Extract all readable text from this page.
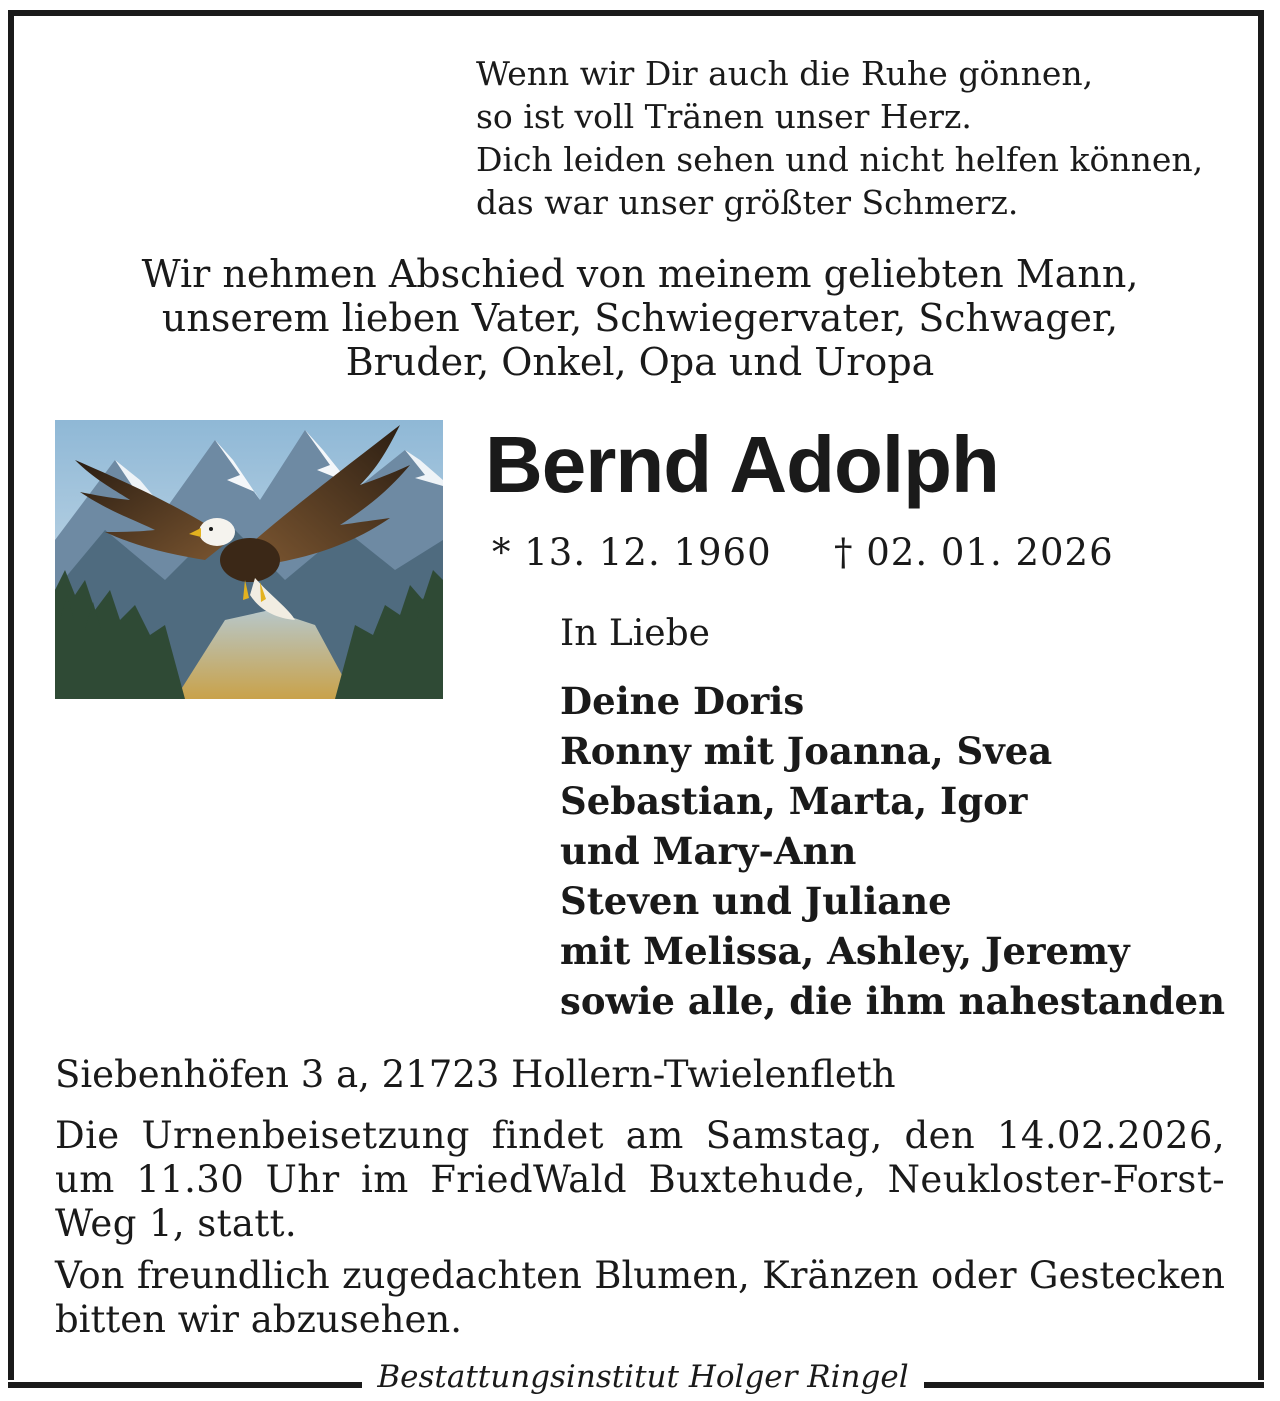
Wenn wir Dir auch die Ruhe gönnen,
so ist voll Tränen unser Herz.
Dich leiden sehen und nicht helfen können,
das war unser größter Schmerz.
Wir nehmen Abschied von meinem geliebten Mann,
unserem lieben Vater, Schwiegervater, Schwager,
Bruder, Onkel, Opa und Uropa
Bernd Adolph
* 13. 12. 1960 † 02. 01. 2026
In Liebe
Deine Doris
Ronny mit Joanna, Svea
Sebastian, Marta, Igor
und Mary-Ann
Steven und Juliane
mit Melissa, Ashley, Jeremy
sowie alle, die ihm nahestanden
Siebenhöfen 3 a, 21723 Hollern-Twielenfleth
Die Urnenbeisetzung findet am Samstag, den 14.02.2026,
um 11.30 Uhr im FriedWald Buxtehude, Neukloster-Forst-
Weg 1, statt.
Von freundlich zugedachten Blumen, Kränzen oder Gestecken
bitten wir abzusehen.
Bestattungsinstitut Holger Ringel
